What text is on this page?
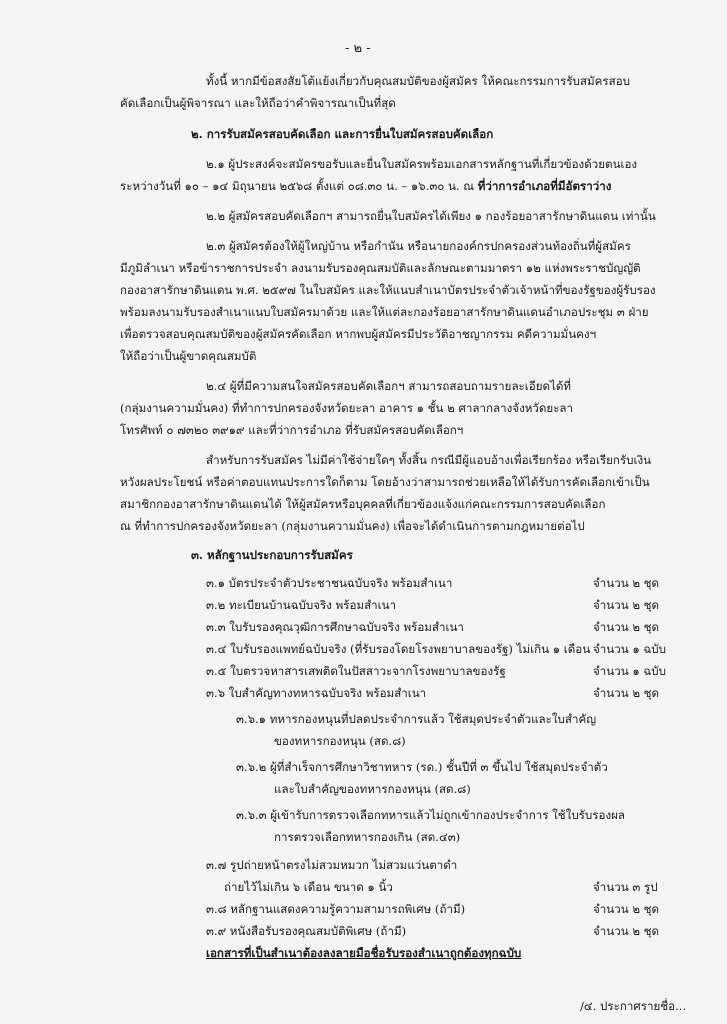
- ๒ -
ทั้งนี้ หากมีข้อสงสัยโต้แย้งเกี่ยวกับคุณสมบัติของผู้สมัคร ให้คณะกรรมการรับสมัครสอบ
คัดเลือกเป็นผู้พิจารณา และให้ถือว่าคำพิจารณาเป็นที่สุด
๒. การรับสมัครสอบคัดเลือก และการยื่นใบสมัครสอบคัดเลือก
๒.๑ ผู้ประสงค์จะสมัครขอรับและยื่นใบสมัครพร้อมเอกสารหลักฐานที่เกี่ยวข้องด้วยตนเอง
ระหว่างวันที่ ๑๐ – ๑๔ มิถุนายน ๒๕๖๘ ตั้งแต่ ๐๘.๓๐ น. – ๑๖.๓๐ น. ณ ที่ว่าการอำเภอที่มีอัตราว่าง
๒.๒ ผู้สมัครสอบคัดเลือกฯ สามารถยื่นใบสมัครได้เพียง ๑ กองร้อยอาสารักษาดินแดน เท่านั้น
๒.๓ ผู้สมัครต้องให้ผู้ใหญ่บ้าน หรือกำนัน หรือนายกองค์กรปกครองส่วนท้องถิ่นที่ผู้สมัคร
มีภูมิลำเนา หรือข้าราชการประจำ ลงนามรับรองคุณสมบัติและลักษณะตามมาตรา ๑๒ แห่งพระราชบัญญัติ
กองอาสารักษาดินแดน พ.ศ. ๒๕๙๗ ในใบสมัคร และให้แนบสำเนาบัตรประจำตัวเจ้าหน้าที่ของรัฐของผู้รับรอง
พร้อมลงนามรับรองสำเนาแนบใบสมัครมาด้วย และให้แต่ละกองร้อยอาสารักษาดินแดนอำเภอประชุม ๓ ฝ่าย
เพื่อตรวจสอบคุณสมบัติของผู้สมัครคัดเลือก หากพบผู้สมัครมีประวัติอาชญากรรม คดีความมั่นคงฯ
ให้ถือว่าเป็นผู้ขาดคุณสมบัติ
๒.๔ ผู้ที่มีความสนใจสมัครสอบคัดเลือกฯ สามารถสอบถามรายละเอียดได้ที่
(กลุ่มงานความมั่นคง) ที่ทำการปกครองจังหวัดยะลา อาคาร ๑ ชั้น ๒ ศาลากลางจังหวัดยะลา
โทรศัพท์ ๐ ๗๓๒๐ ๓๙๑๙ และที่ว่าการอำเภอ ที่รับสมัครสอบคัดเลือกฯ
สำหรับการรับสมัคร ไม่มีค่าใช้จ่ายใดๆ ทั้งสิ้น กรณีมีผู้แอบอ้างเพื่อเรียกร้อง หรือเรียกรับเงิน
หวังผลประโยชน์ หรือค่าตอบแทนประการใดก็ตาม โดยอ้างว่าสามารถช่วยเหลือให้ได้รับการคัดเลือกเข้าเป็น
สมาชิกกองอาสารักษาดินแดนได้ ให้ผู้สมัครหรือบุคคลที่เกี่ยวข้องแจ้งแก่คณะกรรมการสอบคัดเลือก
ณ ที่ทำการปกครองจังหวัดยะลา (กลุ่มงานความมั่นคง) เพื่อจะได้ดำเนินการตามกฎหมายต่อไป
๓. หลักฐานประกอบการรับสมัคร
๓.๑ บัตรประจำตัวประชาชนฉบับจริง พร้อมสำเนา	จำนวน ๒ ชุด
๓.๒ ทะเบียนบ้านฉบับจริง พร้อมสำเนา	จำนวน ๒ ชุด
๓.๓ ใบรับรองคุณวุฒิการศึกษาฉบับจริง พร้อมสำเนา	จำนวน ๒ ชุด
๓.๔ ใบรับรองแพทย์ฉบับจริง (ที่รับรองโดยโรงพยาบาลของรัฐ) ไม่เกิน ๑ เดือน จำนวน ๑ ฉบับ
๓.๕ ใบตรวจหาสารเสพติดในปัสสาวะจากโรงพยาบาลของรัฐ	จำนวน ๑ ฉบับ
๓.๖ ใบสำคัญทางทหารฉบับจริง พร้อมสำเนา	จำนวน ๒ ชุด
๓.๖.๑ ทหารกองหนุนที่ปลดประจำการแล้ว ใช้สมุดประจำตัวและใบสำคัญ
ของทหารกองหนุน (สด.๘)
๓.๖.๒ ผู้ที่สำเร็จการศึกษาวิชาทหาร (รด.) ชั้นปีที่ ๓ ขึ้นไป ใช้สมุดประจำตัว
และใบสำคัญของทหารกองหนุน (สด.๘)
๓.๖.๓ ผู้เข้ารับการตรวจเลือกทหารแล้วไม่ถูกเข้ากองประจำการ ใช้ใบรับรองผล
การตรวจเลือกทหารกองเกิน (สด.๔๓)
๓.๗ รูปถ่ายหน้าตรงไม่สวมหมวก ไม่สวมแว่นตาดำ
ถ่ายไว้ไม่เกิน ๖ เดือน ขนาด ๑ นิ้ว	จำนวน ๓ รูป
๓.๘ หลักฐานแสดงความรู้ความสามารถพิเศษ (ถ้ามี)	จำนวน ๒ ชุด
๓.๙ หนังสือรับรองคุณสมบัติพิเศษ (ถ้ามี)	จำนวน ๒ ชุด
เอกสารที่เป็นสำเนาต้องลงลายมือชื่อรับรองสำเนาถูกต้องทุกฉบับ
/๔. ประกาศรายชื่อ...
